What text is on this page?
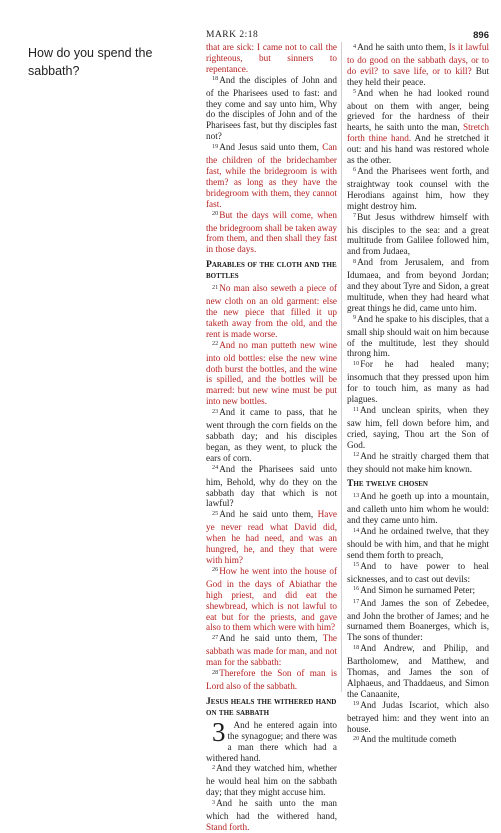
How do you spend the sabbath?
MARK 2:18	896

that are sick: I came not to call the righteous, but sinners to repentance.

$^{18}$And the disciples of John and of the Pharisees used to fast: and they come and say unto him, Why do the disciples of John and of the Pharisees fast, but thy disciples fast not?

$^{19}$And Jesus said unto them, Can the children of the bridechamber fast, while the bridegroom is with them? as long as they have the bridegroom with them, they cannot fast.

$^{20}$But the days will come, when the bridegroom shall be taken away from them, and then shall they fast in those days.

Parables of the cloth and the bottles

$^{21}$No man also seweth a piece of new cloth on an old garment: else the new piece that filled it up taketh away from the old, and the rent is made worse.

$^{22}$And no man putteth new wine into old bottles: else the new wine doth burst the bottles, and the wine is spilled, and the bottles will be marred: but new wine must be put into new bottles.

$^{23}$And it came to pass, that he went through the corn fields on the sabbath day; and his disciples began, as they went, to pluck the ears of corn.

$^{24}$And the Pharisees said unto him, Behold, why do they on the sabbath day that which is not lawful?

$^{25}$And he said unto them, Have ye never read what David did, when he had need, and was an hungred, he, and they that were with him?

$^{26}$How he went into the house of God in the days of Abiathar the high priest, and did eat the shewbread, which is not lawful to eat but for the priests, and gave also to them which were with him?

$^{27}$And he said unto them, The sabbath was made for man, and not man for the sabbath:

$^{28}$Therefore the Son of man is Lord also of the sabbath.

Jesus heals the withered hand on the sabbath

3 And he entered again into the synagogue; and there was a man there which had a withered hand.

$^2$And they watched him, whether he would heal him on the sabbath day; that they might accuse him.

$^3$And he saith unto the man which had the withered hand, Stand forth.

$^4$And he saith unto them, Is it lawful to do good on the sabbath days, or to do evil? to save life, or to kill? But they held their peace.

$^5$And when he had looked round about on them with anger, being grieved for the hardness of their hearts, he saith unto the man, Stretch forth thine hand. And he stretched it out: and his hand was restored whole as the other.

$^6$And the Pharisees went forth, and straightway took counsel with the Herodians against him, how they might destroy him.

$^7$But Jesus withdrew himself with his disciples to the sea: and a great multitude from Galilee followed him, and from Judaea,

$^8$And from Jerusalem, and from Idumaea, and from beyond Jordan; and they about Tyre and Sidon, a great multitude, when they had heard what great things he did, came unto him.

$^9$And he spake to his disciples, that a small ship should wait on him because of the multitude, lest they should throng him.

$^{10}$For he had healed many; insomuch that they pressed upon him for to touch him, as many as had plagues.

$^{11}$And unclean spirits, when they saw him, fell down before him, and cried, saying, Thou art the Son of God.

$^{12}$And he straitly charged them that they should not make him known.

The twelve chosen

$^{13}$And he goeth up into a mountain, and calleth unto him whom he would: and they came unto him.

$^{14}$And he ordained twelve, that they should be with him, and that he might send them forth to preach,

$^{15}$And to have power to heal sicknesses, and to cast out devils:

$^{16}$And Simon he surnamed Peter;

$^{17}$And James the son of Zebedee, and John the brother of James; and he surnamed them Boanerges, which is, The sons of thunder:

$^{18}$And Andrew, and Philip, and Bartholomew, and Matthew, and Thomas, and James the son of Alphaeus, and Thaddaeus, and Simon the Canaanite,

$^{19}$And Judas Iscariot, which also betrayed him: and they went into an house.

$^{20}$And the multitude cometh
